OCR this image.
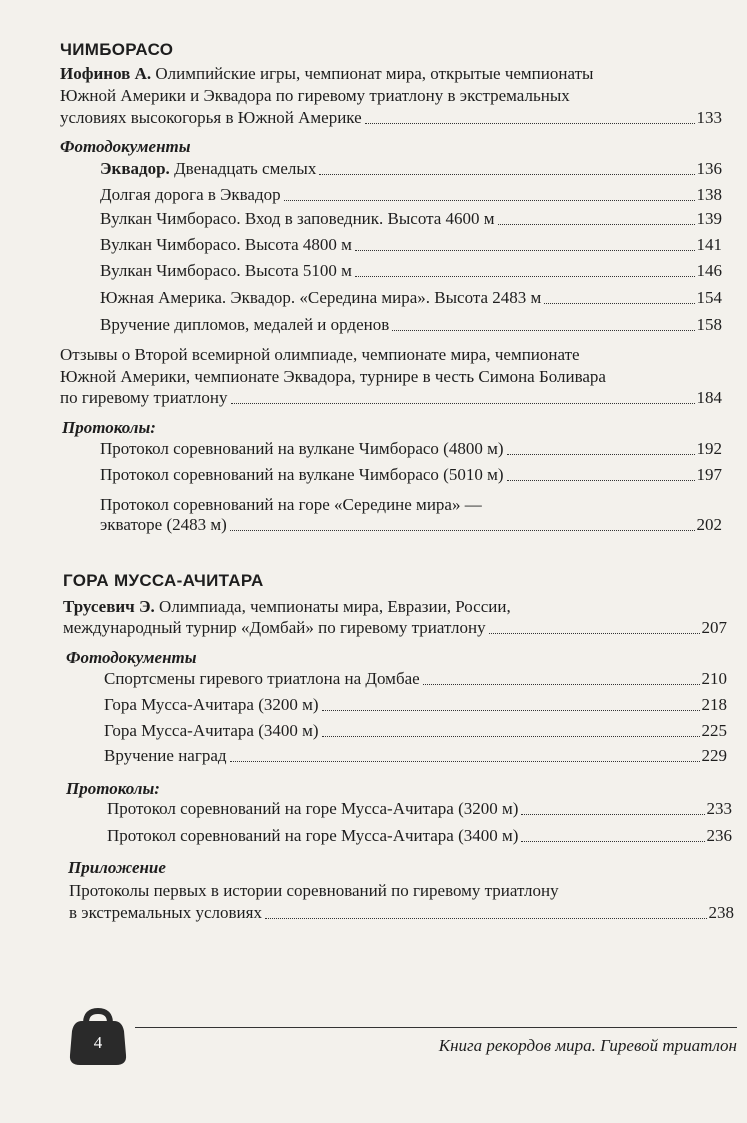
ЧИМБОРАСО
Иофинов А. Олимпийские игры, чемпионат мира, открытые чемпионаты
Южной Америки и Эквадора по гиревому триатлону в экстремальных
условиях высокогорья в Южной Америке	133
Фотодокументы
Эквадор. Двенадцать смелых	136
Долгая дорога в Эквадор	138
Вулкан Чимборасо. Вход в заповедник. Высота 4600 м	139
Вулкан Чимборасо. Высота 4800 м	141
Вулкан Чимборасо. Высота 5100 м	146
Южная Америка. Эквадор. «Середина мира». Высота 2483 м	154
Вручение дипломов, медалей и орденов	158
Отзывы о Второй всемирной олимпиаде, чемпионате мира, чемпионате
Южной Америки, чемпионате Эквадора, турнире в честь Симона Боливара
по гиревому триатлону	184
Протоколы:
Протокол соревнований на вулкане Чимборасо (4800 м)	192
Протокол соревнований на вулкане Чимборасо (5010 м)	197
Протокол соревнований на горе «Середине мира» —
экваторе (2483 м)	202
ГОРА МУССА-АЧИТАРА
Трусевич Э. Олимпиада, чемпионаты мира, Евразии, России,
международный турнир «Домбай» по гиревому триатлону	207
Фотодокументы
Спортсмены гиревого триатлона на Домбае	210
Гора Мусса-Ачитара (3200 м)	218
Гора Мусса-Ачитара (3400 м)	225
Вручение наград	229
Протоколы:
Протокол соревнований на горе Мусса-Ачитара (3200 м)	233
Протокол соревнований на горе Мусса-Ачитара (3400 м)	236
Приложение
Протоколы первых в истории соревнований по гиревому триатлону
в экстремальных условиях	238
4	Книга рекордов мира. Гиревой триатлон
